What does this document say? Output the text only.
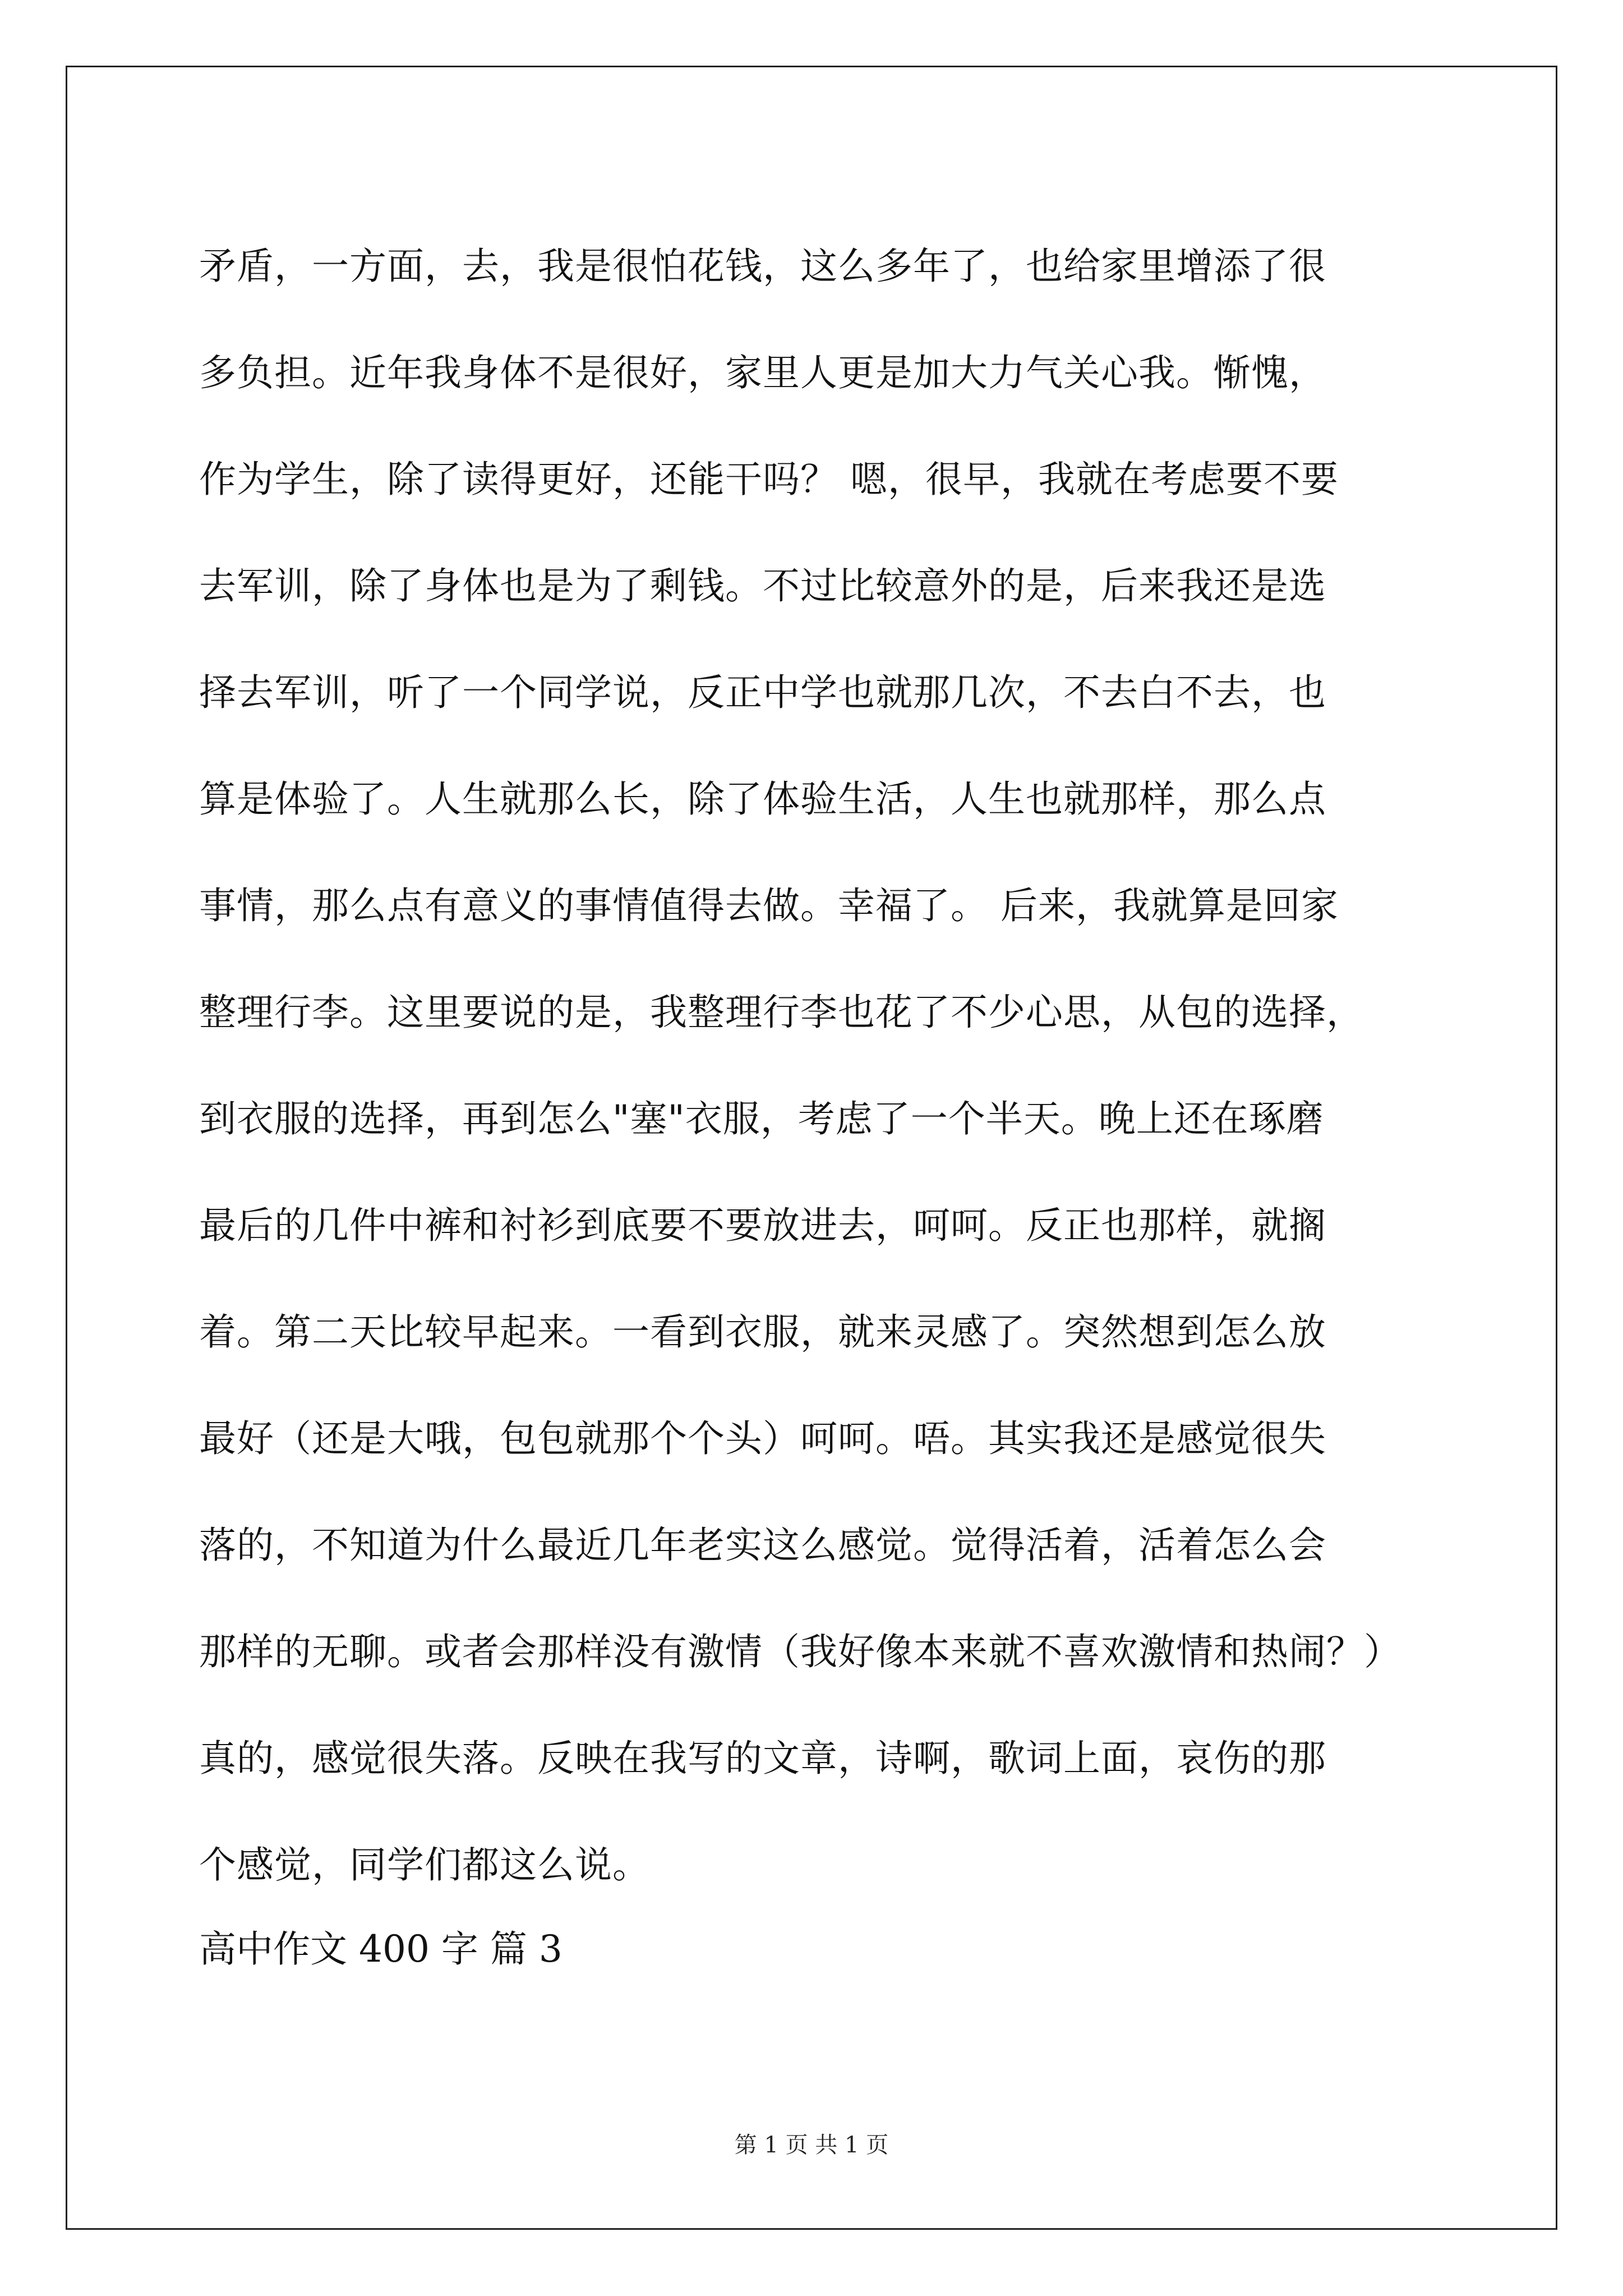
矛盾，一方面，去，我是很怕花钱，这么多年了，也给家里增添了很
多负担。近年我身体不是很好，家里人更是加大力气关心我。惭愧，
作为学生，除了读得更好，还能干吗？ 嗯，很早，我就在考虑要不要
去军训，除了身体也是为了剩钱。不过比较意外的是，后来我还是选
择去军训，听了一个同学说，反正中学也就那几次，不去白不去，也
算是体验了。人生就那么长，除了体验生活，人生也就那样，那么点
事情，那么点有意义的事情值得去做。幸福了。 后来，我就算是回家
整理行李。这里要说的是，我整理行李也花了不少心思，从包的选择，
到衣服的选择，再到怎么"塞"衣服，考虑了一个半天。晚上还在琢磨
最后的几件中裤和衬衫到底要不要放进去，呵呵。反正也那样，就搁
着。第二天比较早起来。一看到衣服，就来灵感了。突然想到怎么放
最好（还是大哦，包包就那个个头）呵呵。唔。其实我还是感觉很失
落的，不知道为什么最近几年老实这么感觉。觉得活着，活着怎么会
那样的无聊。或者会那样没有激情（我好像本来就不喜欢激情和热闹？）
真的，感觉很失落。反映在我写的文章，诗啊，歌词上面，哀伤的那
个感觉，同学们都这么说。
高中作文 400 字 篇 3
第 1 页 共 1 页
